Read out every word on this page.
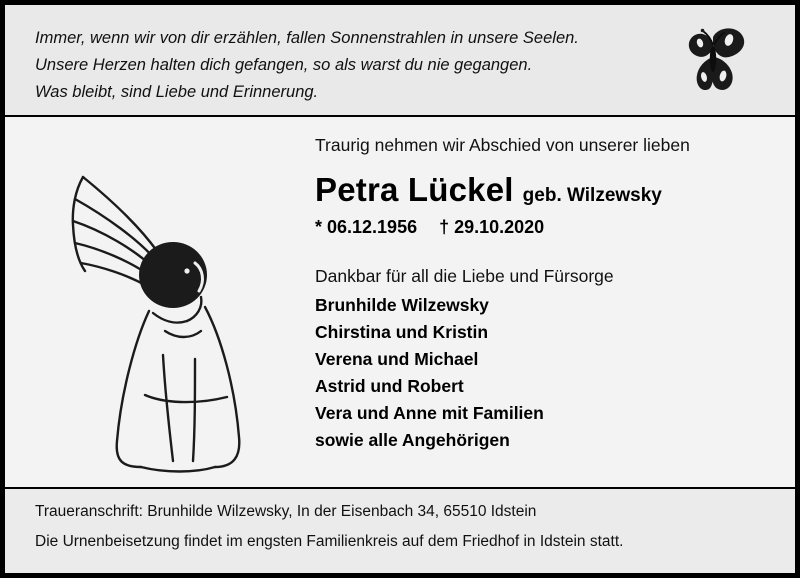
Immer, wenn wir von dir erzählen, fallen Sonnenstrahlen in unsere Seelen.
Unsere Herzen halten dich gefangen, so als warst du nie gegangen.
Was bleibt, sind Liebe und Erinnerung.
Traurig nehmen wir Abschied von unserer lieben
Petra Lückel geb. Wilzewsky
* 06.12.1956 † 29.10.2020
Dankbar für all die Liebe und Fürsorge
Brunhilde Wilzewsky
Chirstina und Kristin
Verena und Michael
Astrid und Robert
Vera und Anne mit Familien
sowie alle Angehörigen
Traueranschrift: Brunhilde Wilzewsky, In der Eisenbach 34, 65510 Idstein
Die Urnenbeisetzung findet im engsten Familienkreis auf dem Friedhof in Idstein statt.
